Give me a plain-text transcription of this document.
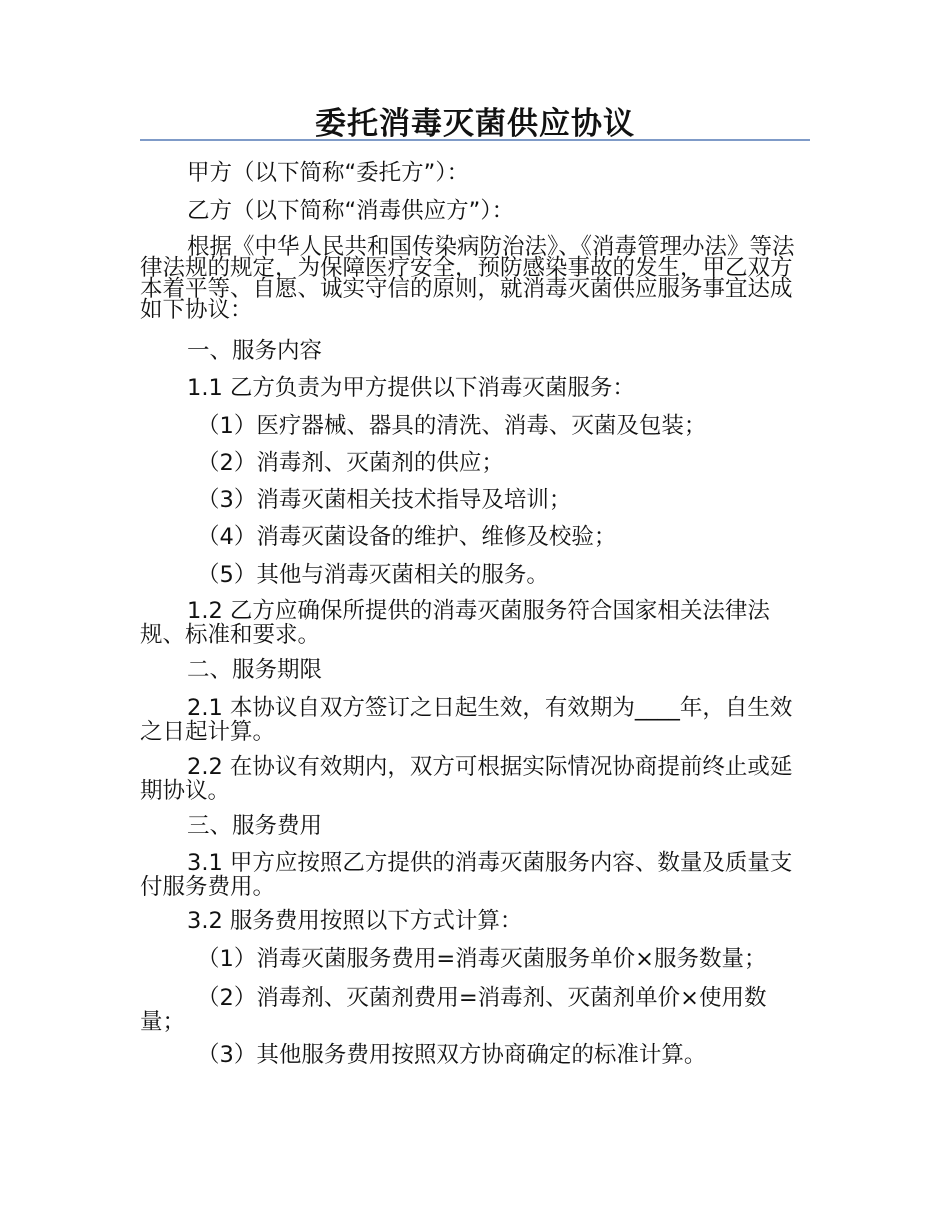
委托消毒灭菌供应协议

甲方（以下简称“委托方”）：

乙方（以下简称“消毒供应方”）：

根据《中华人民共和国传染病防治法》、《消毒管理办法》等法律法规的规定，为保障医疗安全，预防感染事故的发生，甲乙双方本着平等、自愿、诚实守信的原则，就消毒灭菌供应服务事宜达成如下协议：

一、服务内容

1.1 乙方负责为甲方提供以下消毒灭菌服务：

（1）医疗器械、器具的清洗、消毒、灭菌及包装；

（2）消毒剂、灭菌剂的供应；

（3）消毒灭菌相关技术指导及培训；

（4）消毒灭菌设备的维护、维修及校验；

（5）其他与消毒灭菌相关的服务。

1.2 乙方应确保所提供的消毒灭菌服务符合国家相关法律法规、标准和要求。

二、服务期限

2.1 本协议自双方签订之日起生效，有效期为____年，自生效之日起计算。

2.2 在协议有效期内，双方可根据实际情况协商提前终止或延期协议。

三、服务费用

3.1 甲方应按照乙方提供的消毒灭菌服务内容、数量及质量支付服务费用。

3.2 服务费用按照以下方式计算：

（1）消毒灭菌服务费用=消毒灭菌服务单价×服务数量；

（2）消毒剂、灭菌剂费用=消毒剂、灭菌剂单价×使用数量；

（3）其他服务费用按照双方协商确定的标准计算。
